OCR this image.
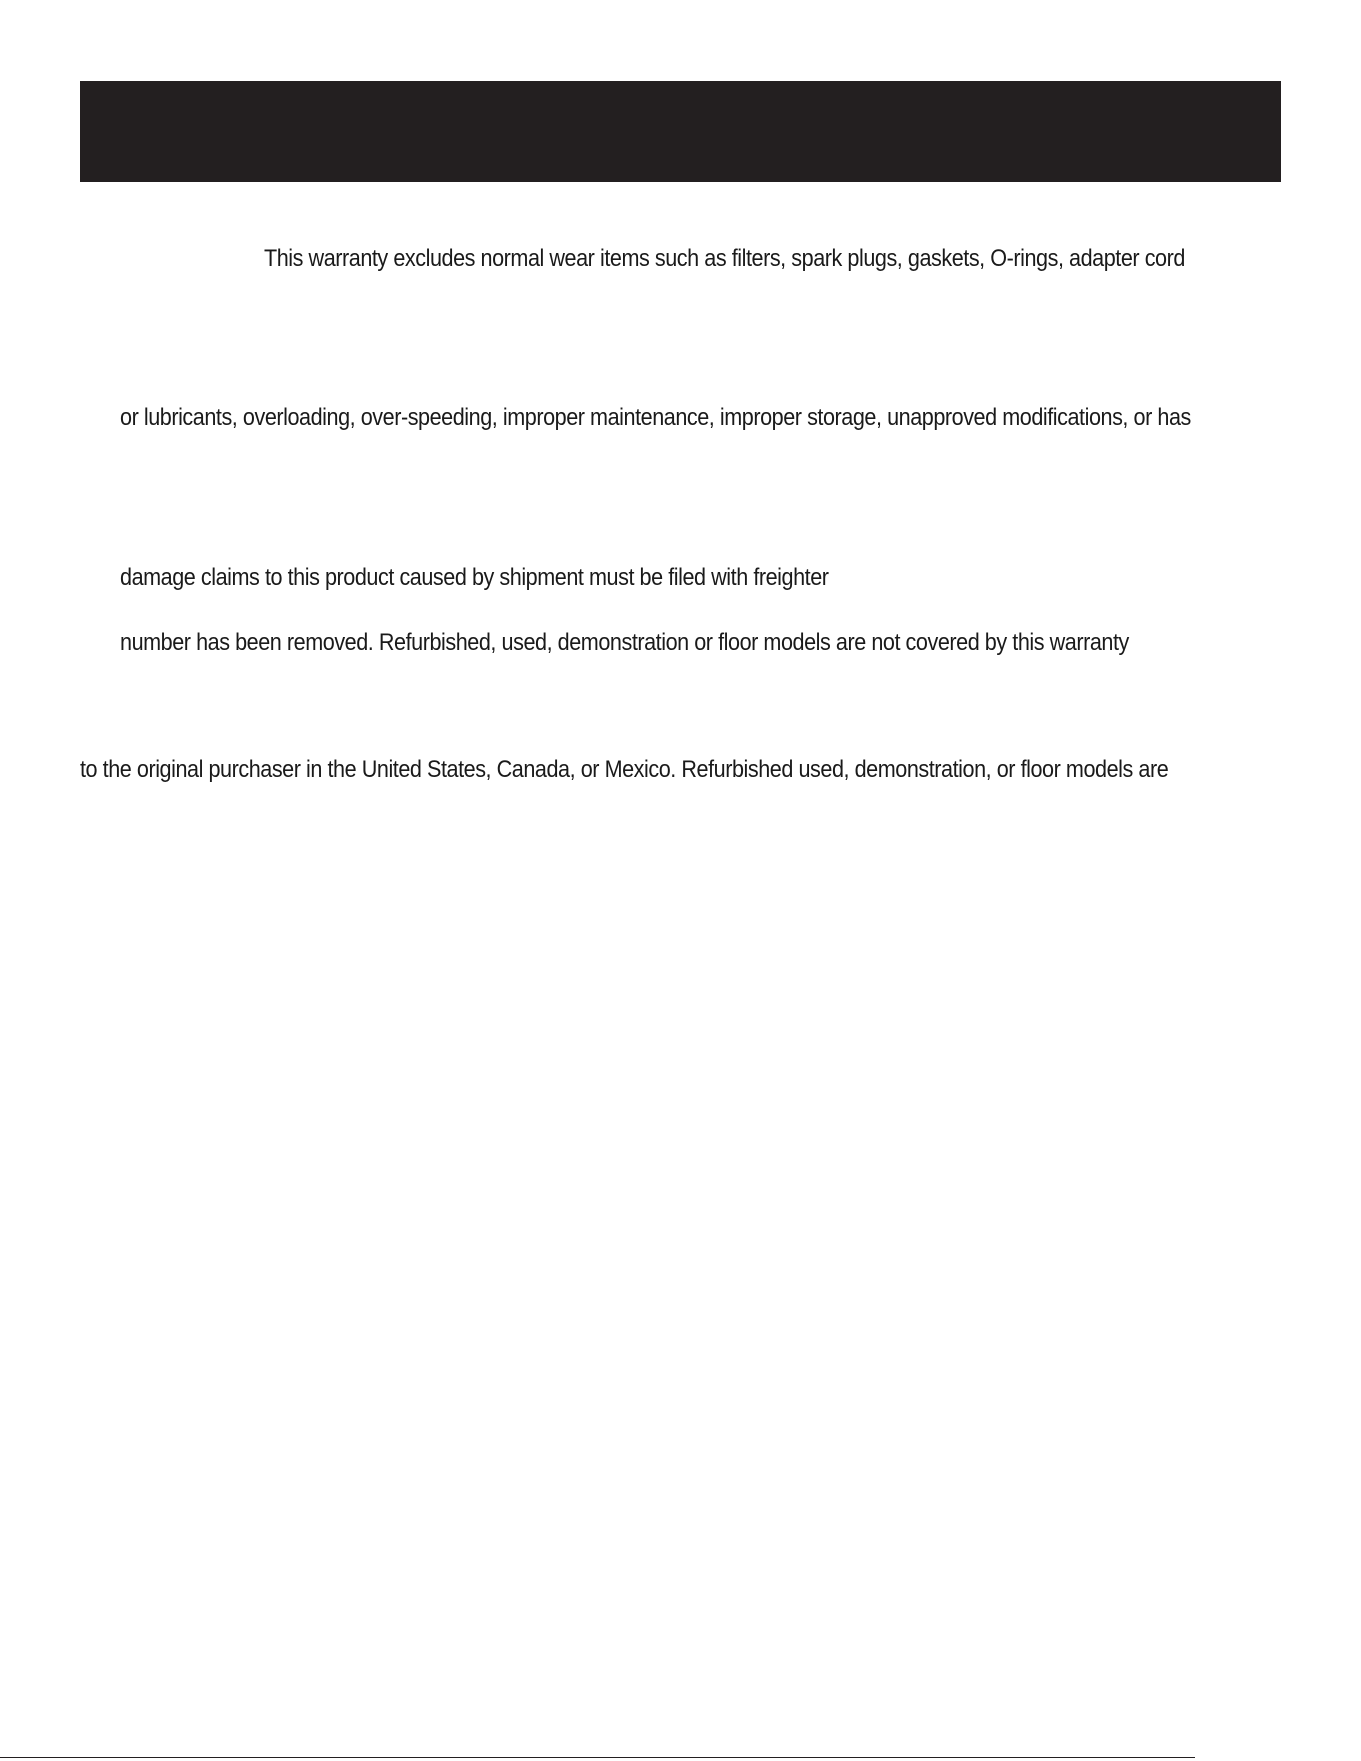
This warranty excludes normal wear items such as filters, spark plugs, gaskets, O-rings, adapter cord

or lubricants, overloading, over-speeding, improper maintenance, improper storage, unapproved modifications, or has

damage claims to this product caused by shipment must be filed with freighter

number has been removed. Refurbished, used, demonstration or floor models are not covered by this warranty

to the original purchaser in the United States, Canada, or Mexico. Refurbished used, demonstration, or floor models are
